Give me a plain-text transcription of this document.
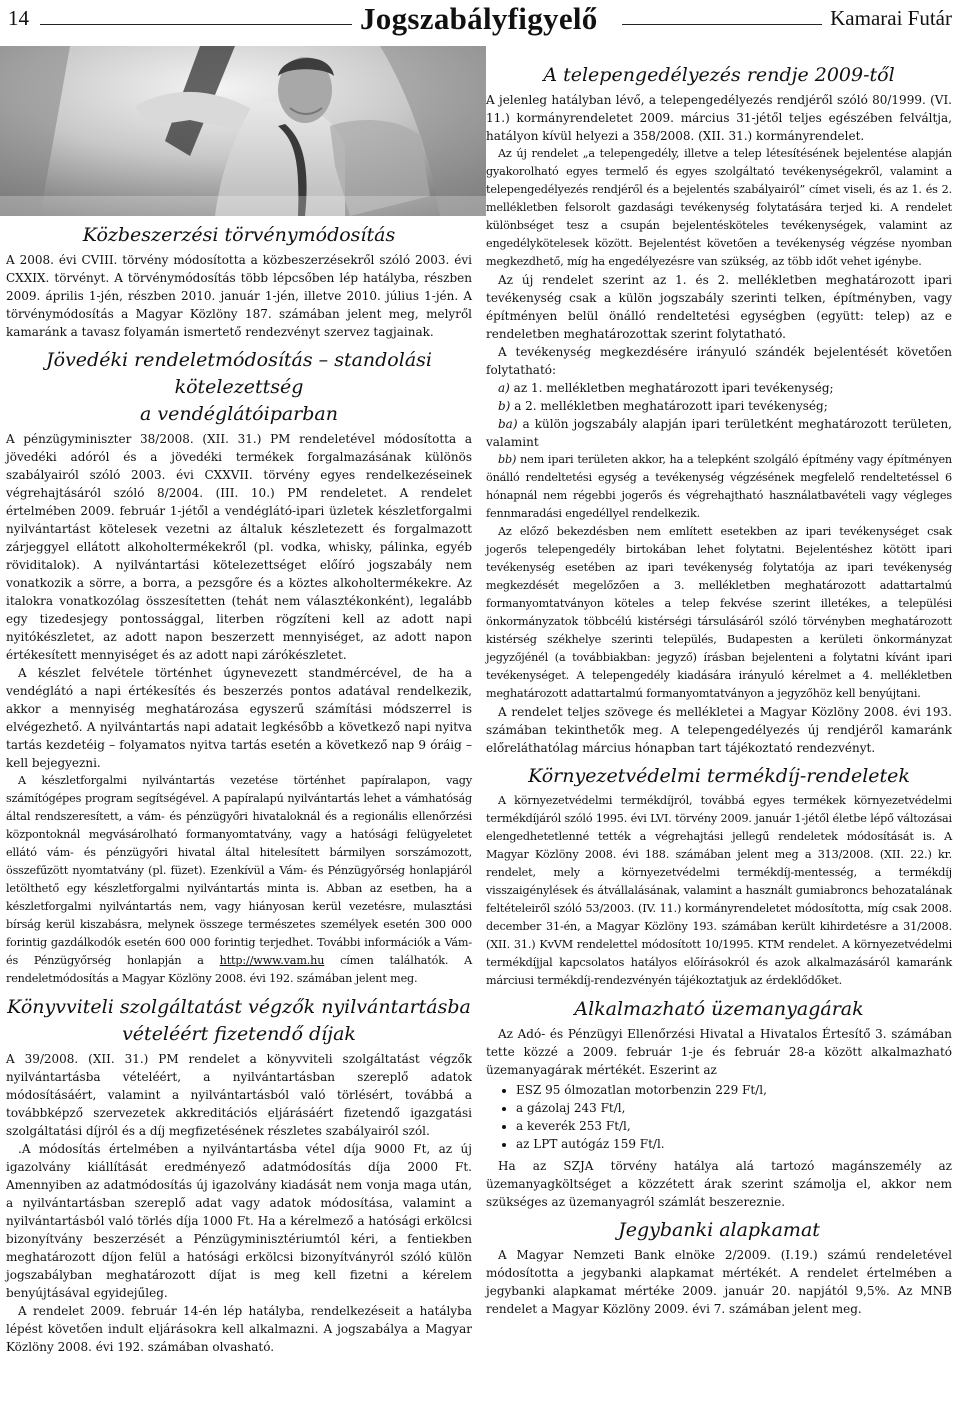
14	Jogszabályfigyelő	Kamarai Futár
Közbeszerzési törvénymódosítás

A 2008. évi CVIII. törvény módosította a közbeszerzésekről szóló 2003. évi CXXIX. törvényt. A törvénymódosítás több lépcsőben lép hatályba, részben 2009. április 1-jén, részben 2010. január 1-jén, illetve 2010. július 1-jén. A törvénymódosítás a Magyar Közlöny 187. számában jelent meg, melyről kamaránk a tavasz folyamán ismertető rendezvényt szervez tagjainak.

Jövedéki rendeletmódosítás – standolási kötelezettség
a vendéglátóiparban

A pénzügyminiszter 38/2008. (XII. 31.) PM rendeletével módosította a jövedéki adóról és a jövedéki termékek forgalmazásának különös szabályairól szóló 2003. évi CXXVII. törvény egyes rendelkezéseinek végrehajtásáról szóló 8/2004. (III. 10.) PM rendeletet. A rendelet értelmében 2009. február 1-jétől a vendéglátó-ipari üzletek készletforgalmi nyilvántartást kötelesek vezetni az általuk készletezett és forgalmazott zárjeggyel ellátott alkoholtermékekről (pl. vodka, whisky, pálinka, egyéb röviditalok). A nyilvántartási kötelezettséget előíró jogszabály nem vonatkozik a sörre, a borra, a pezsgőre és a köztes alkoholtermékekre. Az italokra vonatkozólag összesítetten (tehát nem választékonként), legalább egy tizedesjegy pontossággal, literben rögzíteni kell az adott napi nyitókészletet, az adott napon beszerzett mennyiséget, az adott napon értékesített mennyiséget és az adott napi zárókészletet.

A készlet felvétele történhet úgynevezett standmércével, de ha a vendéglátó a napi értékesítés és beszerzés pontos adatával rendelkezik, akkor a mennyiség meghatározása egyszerű számítási módszerrel is elvégezhető. A nyilvántartás napi adatait legkésőbb a következő napi nyitva tartás kezdetéig – folyamatos nyitva tartás esetén a következő nap 9 óráig – kell bejegyezni.

A készletforgalmi nyilvántartás vezetése történhet papíralapon, vagy számítógépes program segítségével. A papíralapú nyilvántartás lehet a vámhatóság által rendszeresített, a vám- és pénzügyőri hivataloknál és a regionális ellenőrzési központoknál megvásárolható formanyomtatvány, vagy a hatósági felügyeletet ellátó vám- és pénzügyőri hivatal által hitelesített bármilyen sorszámozott, összefűzött nyomtatvány (pl. füzet). Ezenkívül a Vám- és Pénzügyőrség honlapjáról letölthető egy készletforgalmi nyilvántartás minta is. Abban az esetben, ha a készletforgalmi nyilvántartás nem, vagy hiányosan kerül vezetésre, mulasztási bírság kerül kiszabásra, melynek összege természetes személyek esetén 300 000 forintig gazdálkodók esetén 600 000 forintig terjedhet. További információk a Vám- és Pénzügyőrség honlapján a http://www.vam.hu címen találhatók. A rendeletmódosítás a Magyar Közlöny 2008. évi 192. számában jelent meg.

Könyvviteli szolgáltatást végzők nyilvántartásba
vételéért fizetendő díjak

A 39/2008. (XII. 31.) PM rendelet a könyvviteli szolgáltatást végzők nyilvántartásba vételéért, a nyilvántartásban szereplő adatok módosításáért, valamint a nyilvántartásból való törlésért, továbbá a továbbképző szervezetek akkreditációs eljárásáért fizetendő igazgatási szolgáltatási díjról és a díj megfizetésének részletes szabályairól szól.

.A módosítás értelmében a nyilvántartásba vétel díja 9000 Ft, az új igazolvány kiállítását eredményező adatmódosítás díja 2000 Ft. Amennyiben az adatmódosítás új igazolvány kiadását nem vonja maga után, a nyilvántartásban szereplő adat vagy adatok módosítása, valamint a nyilvántartásból való törlés díja 1000 Ft. Ha a kérelmező a hatósági erkölcsi bizonyítvány beszerzését a Pénzügyminisztériumtól kéri, a fentiekben meghatározott díjon felül a hatósági erkölcsi bizonyítványról szóló külön jogszabályban meghatározott díjat is meg kell fizetni a kérelem benyújtásával egyidejűleg.

A rendelet 2009. február 14-én lép hatályba, rendelkezéseit a hatályba lépést követően indult eljárásokra kell alkalmazni. A jogszabálya a Magyar Közlöny 2008. évi 192. számában olvasható.

A telepengedélyezés rendje 2009-től

A jelenleg hatályban lévő, a telepengedélyezés rendjéről szóló 80/1999. (VI. 11.) kormányrendeletet 2009. március 31-jétől teljes egészében felváltja, hatályon kívül helyezi a 358/2008. (XII. 31.) kormányrendelet.

Az új rendelet „a telepengedély, illetve a telep létesítésének bejelentése alapján gyakorolható egyes termelő és egyes szolgáltató tevékenységekről, valamint a telepengedélyezés rendjéről és a bejelentés szabályairól” címet viseli, és az 1. és 2. mellékletben felsorolt gazdasági tevékenység folytatására terjed ki. A rendelet különbséget tesz a csupán bejelentésköteles tevékenységek, valamint az engedélykötelesek között. Bejelentést követően a tevékenység végzése nyomban megkezdhető, míg ha engedélyezésre van szükség, az több időt vehet igénybe.

Az új rendelet szerint az 1. és 2. mellékletben meghatározott ipari tevékenység csak a külön jogszabály szerinti telken, építményben, vagy építményen belül önálló rendeltetési egységben (együtt: telep) az e rendeletben meghatározottak szerint folytatható.

A tevékenység megkezdésére irányuló szándék bejelentését követően folytatható:

a) az 1. mellékletben meghatározott ipari tevékenység;

b) a 2. mellékletben meghatározott ipari tevékenység;

ba) a külön jogszabály alapján ipari területként meghatározott területen, valamint

bb) nem ipari területen akkor, ha a telepként szolgáló építmény vagy építményen önálló rendeltetési egység a tevékenység végzésének megfelelő rendeltetéssel 6 hónapnál nem régebbi jogerős és végrehajtható használatbavételi vagy végleges fennmaradási engedéllyel rendelkezik.

Az előző bekezdésben nem említett esetekben az ipari tevékenységet csak jogerős telepengedély birtokában lehet folytatni. Bejelentéshez kötött ipari tevékenység esetében az ipari tevékenység folytatója az ipari tevékenység megkezdését megelőzően a 3. mellékletben meghatározott adattartalmú formanyomtatványon köteles a telep fekvése szerint illetékes, a települési önkormányzatok többcélú kistérségi társulásáról szóló törvényben meghatározott kistérség székhelye szerinti település, Budapesten a kerületi önkormányzat jegyzőjénél (a továbbiakban: jegyző) írásban bejelenteni a folytatni kívánt ipari tevékenységet. A telepengedély kiadására irányuló kérelmet a 4. mellékletben meghatározott adattartalmú formanyomtatványon a jegyzőhöz kell benyújtani.

A rendelet teljes szövege és mellékletei a Magyar Közlöny 2008. évi 193. számában tekinthetők meg. A telepengedélyezés új rendjéről kamaránk előreláthatólag március hónapban tart tájékoztató rendezvényt.

Környezetvédelmi termékdíj-rendeletek

A környezetvédelmi termékdíjról, továbbá egyes termékek környezetvédelmi termékdíjáról szóló 1995. évi LVI. törvény 2009. január 1-jétől életbe lépő változásai elengedhetetlenné tették a végrehajtási jellegű rendeletek módosítását is. A Magyar Közlöny 2008. évi 188. számában jelent meg a 313/2008. (XII. 22.) kr. rendelet, mely a környezetvédelmi termékdíj-mentesség, a termékdíj visszaigénylések és átvállalásának, valamint a használt gumiabroncs behozatalának feltételeiről szóló 53/2003. (IV. 11.) kormányrendeletet módosította, míg csak 2008. december 31-én, a Magyar Közlöny 193. számában került kihirdetésre a 31/2008. (XII. 31.) KvVM rendelettel módosított 10/1995. KTM rendelet. A környezetvédelmi termékdíjjal kapcsolatos hatályos előírásokról és azok alkalmazásáról kamaránk márciusi termékdíj-rendezvényén tájékoztatjuk az érdeklődőket.

Alkalmazható üzemanyagárak

Az Adó- és Pénzügyi Ellenőrzési Hivatal a Hivatalos Értesítő 3. számában tette közzé a 2009. február 1-je és február 28-a között alkalmazható üzemanyagárak mértékét. Eszerint az

• ESZ 95 ólmozatlan motorbenzin 229 Ft/l,
• a gázolaj 243 Ft/l,
• a keverék 253 Ft/l,
• az LPT autógáz 159 Ft/l.

Ha az SZJA törvény hatálya alá tartozó magánszemély az üzemanyagköltséget a közzétett árak szerint számolja el, akkor nem szükséges az üzemanyagról számlát beszereznie.

Jegybanki alapkamat

A Magyar Nemzeti Bank elnöke 2/2009. (I.19.) számú rendeletével módosította a jegybanki alapkamat mértékét. A rendelet értelmében a jegybanki alapkamat mértéke 2009. január 20. napjától 9,5%. Az MNB rendelet a Magyar Közlöny 2009. évi 7. számában jelent meg.
